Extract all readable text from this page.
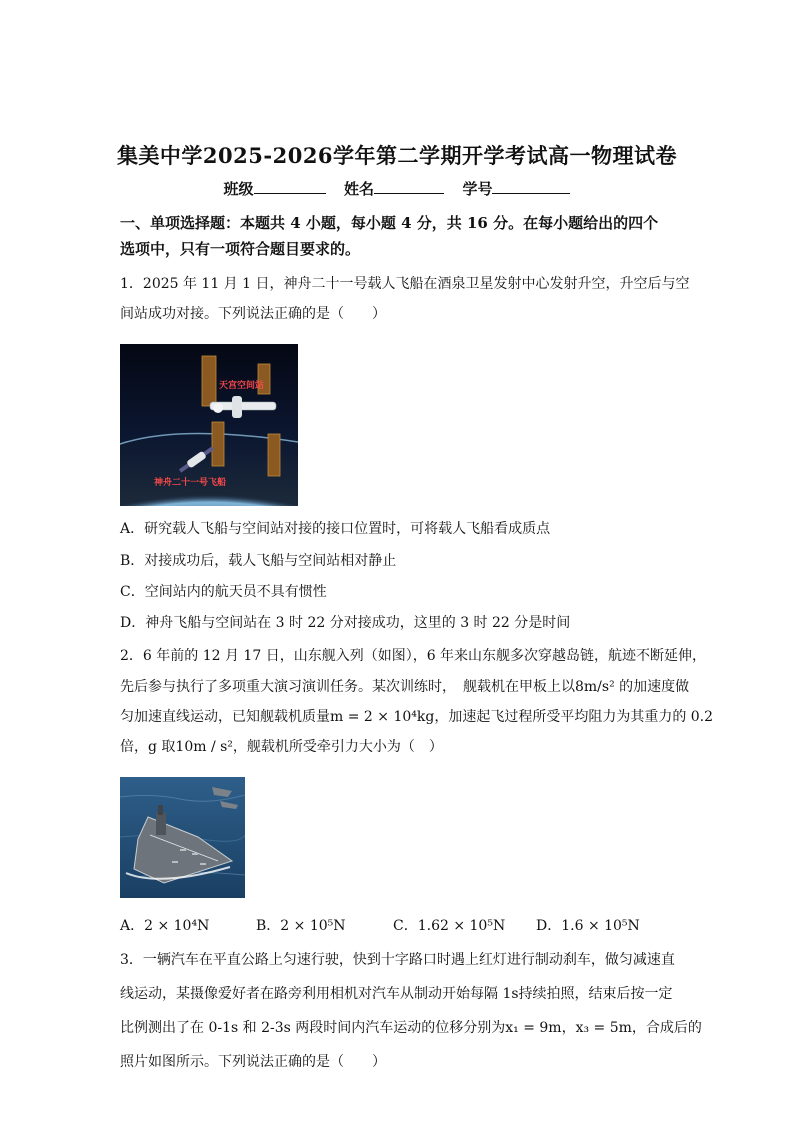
集美中学2025-2026学年第二学期开学考试高一物理试卷
班级	姓名	学号
一、单项选择题：本题共 4 小题，每小题 4 分，共 16 分。在每小题给出的四个
选项中，只有一项符合题目要求的。
1．2025 年 11 月 1 日，神舟二十一号载人飞船在酒泉卫星发射中心发射升空，升空后与空
间站成功对接。下列说法正确的是（　　）
天宫空间站
神舟二十一号飞船
A．研究载人飞船与空间站对接的接口位置时，可将载人飞船看成质点
B．对接成功后，载人飞船与空间站相对静止
C．空间站内的航天员不具有惯性
D．神舟飞船与空间站在 3 时 22 分对接成功，这里的 3 时 22 分是时间
2．6 年前的 12 月 17 日，山东舰入列（如图），6 年来山东舰多次穿越岛链，航迹不断延伸，
先后参与执行了多项重大演习演训任务。某次训练时，　舰载机在甲板上以8m/s² 的加速度做
匀加速直线运动，已知舰载机质量m = 2 × 10⁴kg，加速起飞过程所受平均阻力为其重力的 0.2
倍，g 取10m / s²，舰载机所受牵引力大小为（　）
A．2 × 10⁴N	B．2 × 10⁵N	C．1.62 × 10⁵N D．1.6 × 10⁵N
3．一辆汽车在平直公路上匀速行驶，快到十字路口时遇上红灯进行制动刹车，做匀减速直
线运动，某摄像爱好者在路旁利用相机对汽车从制动开始每隔 1s持续拍照，结束后按一定
比例测出了在 0-1s 和 2-3s 两段时间内汽车运动的位移分别为x₁ = 9m，x₃ = 5m，合成后的
照片如图所示。下列说法正确的是（　　）
